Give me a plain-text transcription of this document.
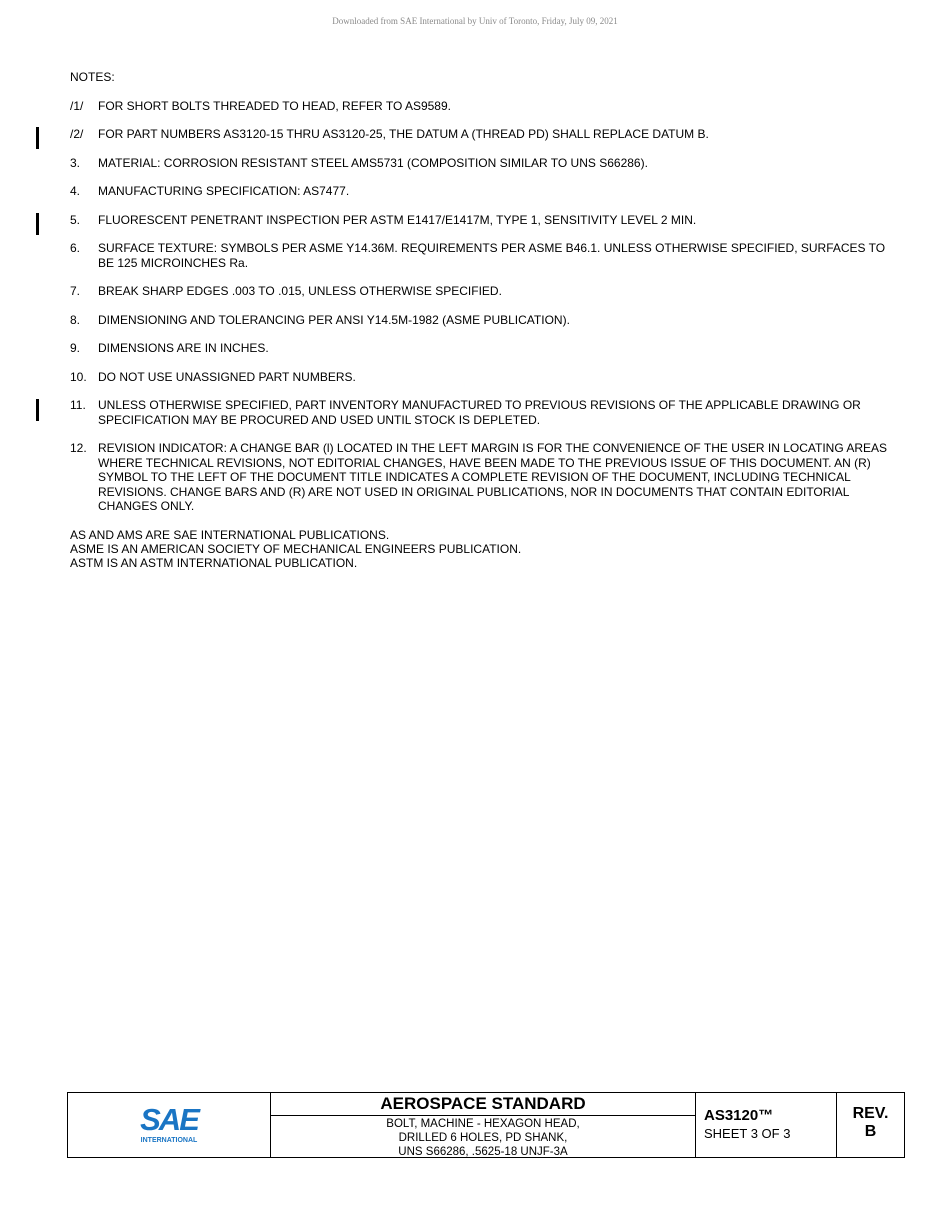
Downloaded from SAE International by Univ of Toronto, Friday, July 09, 2021
NOTES:
/1/	FOR SHORT BOLTS THREADED TO HEAD, REFER TO AS9589.
/2/	FOR PART NUMBERS AS3120-15 THRU AS3120-25, THE DATUM A (THREAD PD) SHALL REPLACE DATUM B.
3.	MATERIAL: CORROSION RESISTANT STEEL AMS5731 (COMPOSITION SIMILAR TO UNS S66286).
4.	MANUFACTURING SPECIFICATION: AS7477.
5.	FLUORESCENT PENETRANT INSPECTION PER ASTM E1417/E1417M, TYPE 1, SENSITIVITY LEVEL 2 MIN.
6.	SURFACE TEXTURE: SYMBOLS PER ASME Y14.36M. REQUIREMENTS PER ASME B46.1. UNLESS OTHERWISE SPECIFIED, SURFACES TO BE 125 MICROINCHES Ra.
7.	BREAK SHARP EDGES .003 TO .015, UNLESS OTHERWISE SPECIFIED.
8.	DIMENSIONING AND TOLERANCING PER ANSI Y14.5M-1982 (ASME PUBLICATION).
9.	DIMENSIONS ARE IN INCHES.
10. DO NOT USE UNASSIGNED PART NUMBERS.
11.	UNLESS OTHERWISE SPECIFIED, PART INVENTORY MANUFACTURED TO PREVIOUS REVISIONS OF THE APPLICABLE DRAWING OR SPECIFICATION MAY BE PROCURED AND USED UNTIL STOCK IS DEPLETED.
12. REVISION INDICATOR: A CHANGE BAR (l) LOCATED IN THE LEFT MARGIN IS FOR THE CONVENIENCE OF THE USER IN LOCATING AREAS WHERE TECHNICAL REVISIONS, NOT EDITORIAL CHANGES, HAVE BEEN MADE TO THE PREVIOUS ISSUE OF THIS DOCUMENT. AN (R) SYMBOL TO THE LEFT OF THE DOCUMENT TITLE INDICATES A COMPLETE REVISION OF THE DOCUMENT, INCLUDING TECHNICAL REVISIONS. CHANGE BARS AND (R) ARE NOT USED IN ORIGINAL PUBLICATIONS, NOR IN DOCUMENTS THAT CONTAIN EDITORIAL CHANGES ONLY.
AS AND AMS ARE SAE INTERNATIONAL PUBLICATIONS.
ASME IS AN AMERICAN SOCIETY OF MECHANICAL ENGINEERS PUBLICATION.
ASTM IS AN ASTM INTERNATIONAL PUBLICATION.
SAE
INTERNATIONAL
AEROSPACE STANDARD
BOLT, MACHINE - HEXAGON HEAD,
DRILLED 6 HOLES, PD SHANK,
UNS S66286, .5625-18 UNJF-3A
AS3120™
SHEET 3 OF 3
REV.
B
